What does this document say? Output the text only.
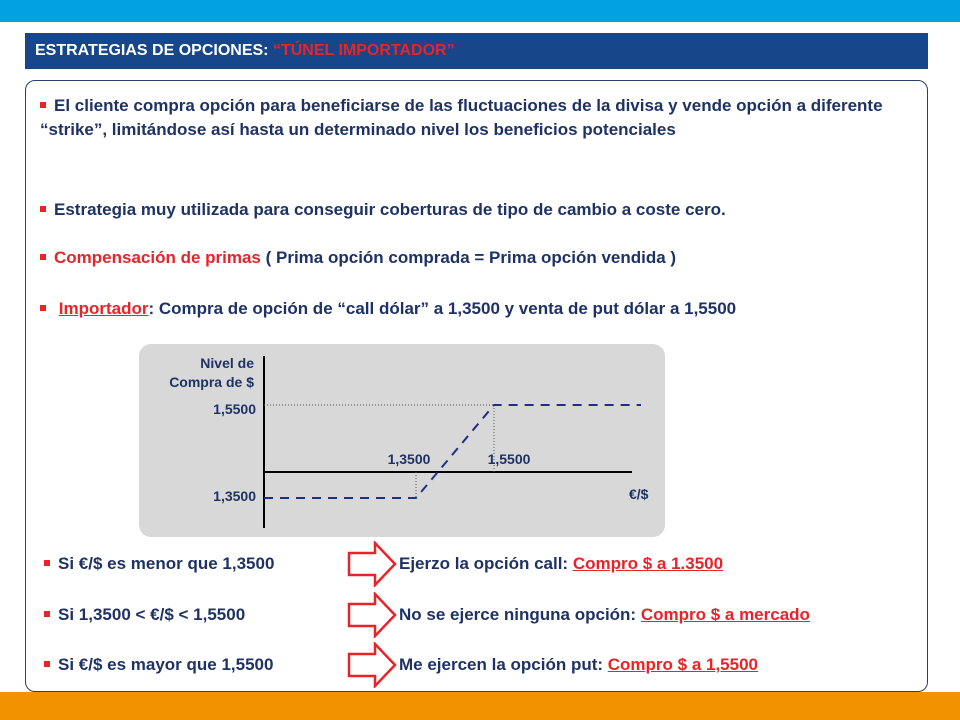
ESTRATEGIAS DE OPCIONES: “TÚNEL IMPORTADOR”

El cliente compra opción para beneficiarse de las fluctuaciones de la divisa y vende opción a diferente “strike”, limitándose así hasta un determinado nivel los beneficios potenciales

Estrategia muy utilizada para conseguir coberturas de tipo de cambio a coste cero.

Compensación de primas ( Prima opción comprada = Prima opción vendida )

Importador: Compra de opción de “call dólar” a 1,3500 y venta de put dólar a 1,5500

Nivel de
Compra de $
1,5500
1,3500
1,3500	1,5500
€/$
Si €/$ es menor que 1,3500	Ejerzo la opción call: Compro $ a 1.3500
Si 1,3500 < €/$ < 1,5500	No se ejerce ninguna opción: Compro $ a mercado
Si €/$ es mayor que 1,5500	Me ejercen la opción put: Compro $ a 1,5500
